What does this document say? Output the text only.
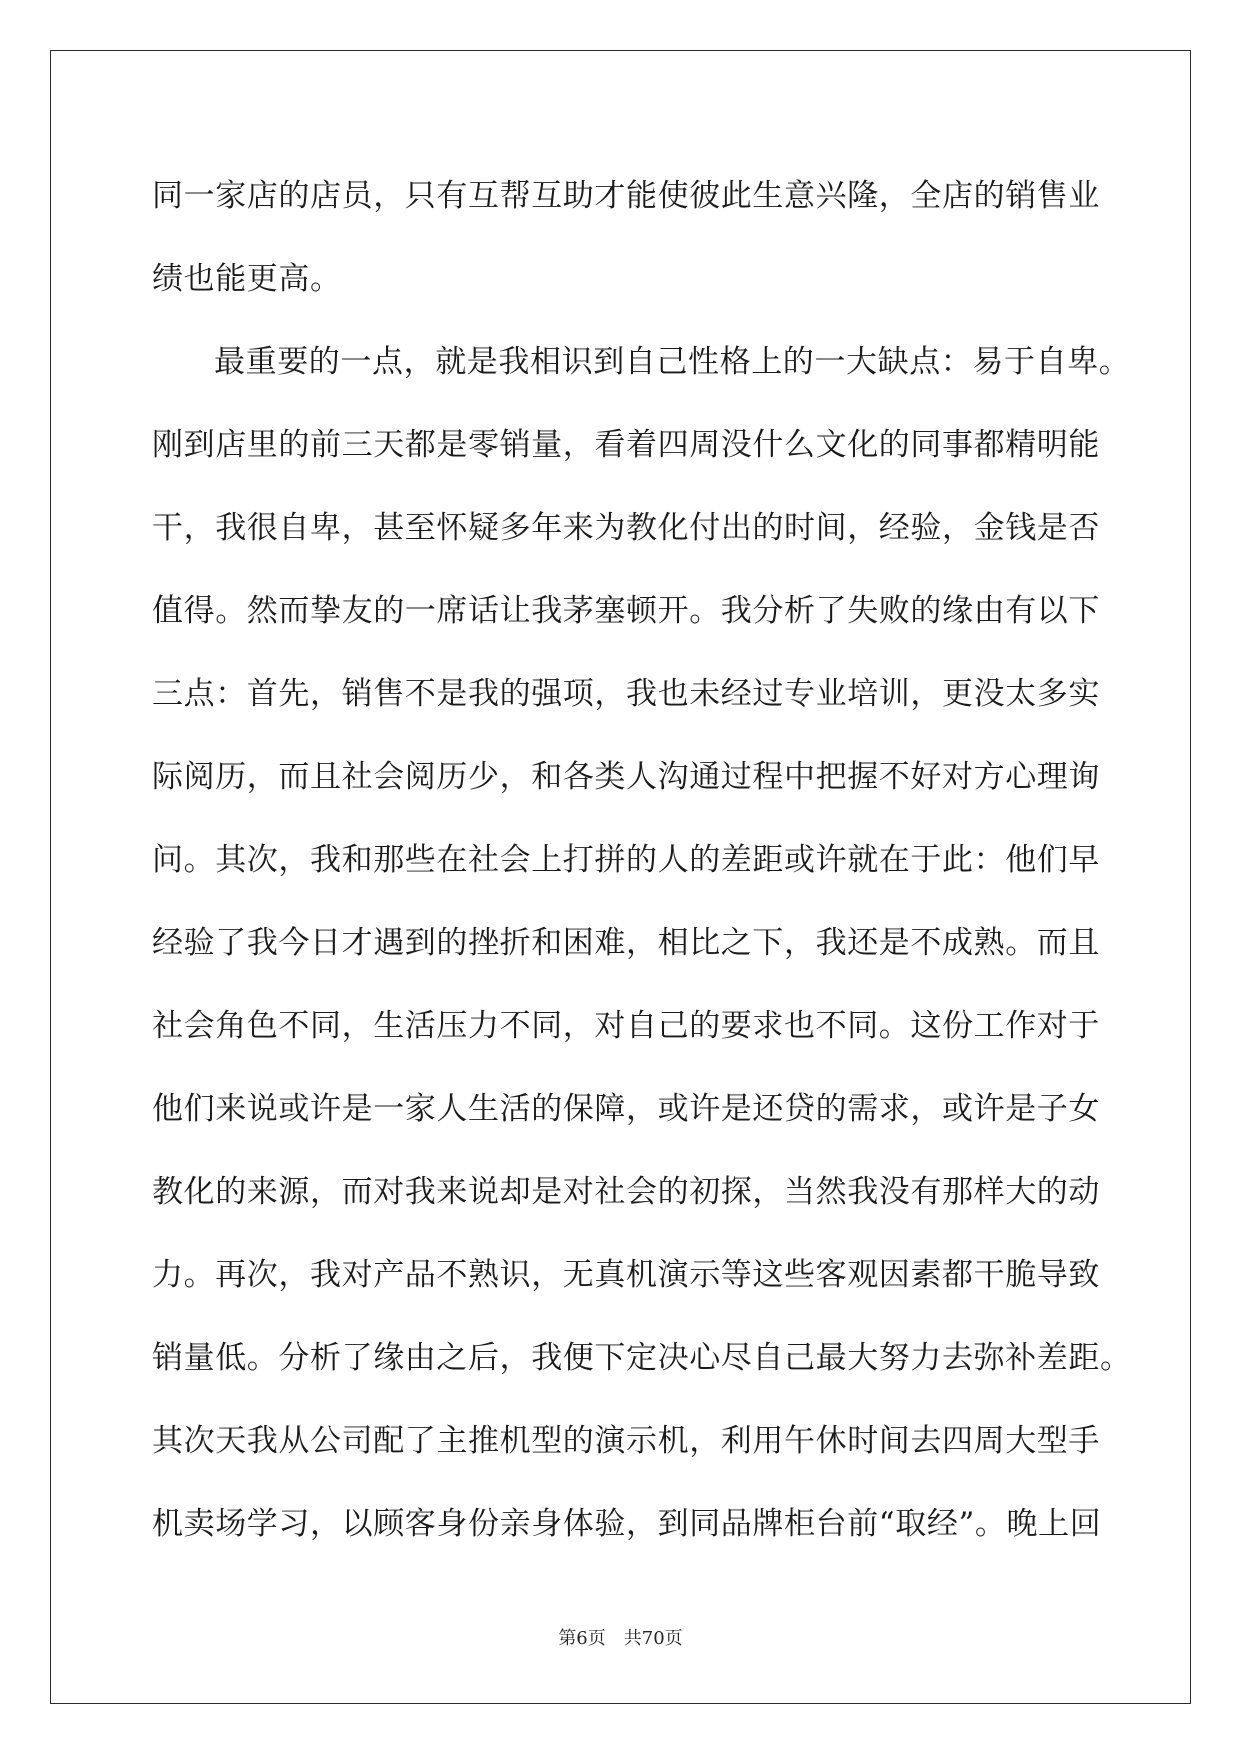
同一家店的店员，只有互帮互助才能使彼此生意兴隆，全店的销售业
绩也能更高。
最重要的一点，就是我相识到自己性格上的一大缺点：易于自卑。
刚到店里的前三天都是零销量，看着四周没什么文化的同事都精明能
干，我很自卑，甚至怀疑多年来为教化付出的时间，经验，金钱是否
值得。然而挚友的一席话让我茅塞顿开。我分析了失败的缘由有以下
三点：首先，销售不是我的强项，我也未经过专业培训，更没太多实
际阅历，而且社会阅历少，和各类人沟通过程中把握不好对方心理询
问。其次，我和那些在社会上打拼的人的差距或许就在于此：他们早
经验了我今日才遇到的挫折和困难，相比之下，我还是不成熟。而且
社会角色不同，生活压力不同，对自己的要求也不同。这份工作对于
他们来说或许是一家人生活的保障，或许是还贷的需求，或许是子女
教化的来源，而对我来说却是对社会的初探，当然我没有那样大的动
力。再次，我对产品不熟识，无真机演示等这些客观因素都干脆导致
销量低。分析了缘由之后，我便下定决心尽自己最大努力去弥补差距。
其次天我从公司配了主推机型的演示机，利用午休时间去四周大型手
机卖场学习，以顾客身份亲身体验，到同品牌柜台前“取经”。晚上回
第6页　共70页
